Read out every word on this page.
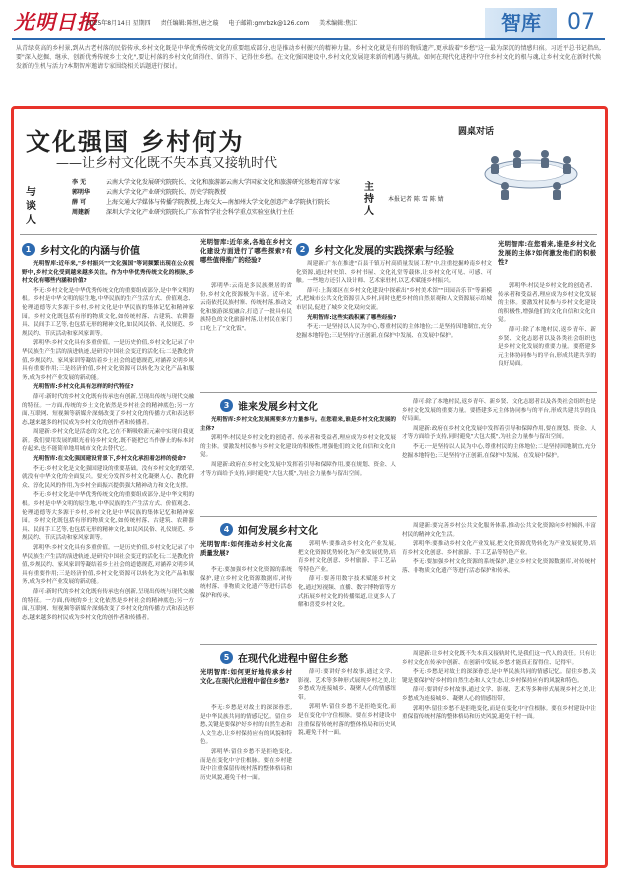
光明日报
2025年8月14日 星期四 责任编辑:陈恒,唐之璇 电子邮箱:gmrbzk@126.com 美术编辑:焦江	智库	07
从青绿莫高的乡村景,到从古老村落的民俗传承,乡村文化既是中华优秀传统文化的重要组成部分,也是推动乡村振兴的精神力量。乡村文化就是有形的物质遗产,更承载着"乡愁"这一最为深沉的情感归宿。习近平总书记指出,要"深入挖掘、继承、创新优秀传统乡土文化",要让村落的乡村文化留得住、留得下、记得住乡愁。在文化强国建设中,乡村文化发展迎来新的机遇与挑战。如何在现代化进程中守住乡村文化的根与魂,让乡村文化在新时代焕发新的生机与活力?本期智库邀请专家围绕相关话题进行探讨。
文化强国 乡村何为
——让乡村文化既不失本真又接轨时代
圆桌对话
与谈人
李 无	云南大学文化发展研究院院长、文化和旅游部云南大学国家文化和旅游研究基地首席专家
郭明华	云南大学文化产业研究院院长、历史学院教授
薛 可	上海交通大学媒体与传播学院教授,上海交大—南加州大学文化创意产业学院执行院长
周建新	深圳大学文化产业研究院院长,广东省哲学社会科学重点实验室执行主任
主持人
本报记者 陈 雪 陈 婧
1 乡村文化的内涵与价值

光明智库:近年来,"乡村振兴""文化强国"等词频繁出现在公众视野中,乡村文化受到越来越多关注。作为中华优秀传统文化的根脉,乡村文化有哪些内涵和价值?

李无:乡村文化是中华优秀传统文化的重要组成部分,是中华文明的根。乡村是中华文明的原生地,中华民族的生产生活方式、价值观念、伦理道德等大多源于乡村,乡村文化是中华民族的集体记忆和精神家园。乡村文化既包括有形的物质文化,如传统村落、古建筑、农耕器具、民间手工艺等,也包括无形的精神文化,如民风民俗、礼仪规范、乡规民约、节庆活动和家风家训等。

郭明华:乡村文化具有多重价值。一是历史价值,乡村文化记录了中华民族生产生活的演进轨迹,是研究中国社会变迁的活化石;二是教化价值,乡规民约、家风家训等凝结着乡土社会的道德规范,对涵养文明乡风具有重要作用;三是经济价值,乡村文化资源可以转化为文化产品和服务,成为乡村产业发展的新动能。

光明智库:乡村文化具有怎样的时代特征?

薛可:新时代的乡村文化既有传承也有创新,呈现出传统与现代交融的特征。一方面,传统的乡土文化依然是乡村社会的精神底色;另一方面,互联网、短视频等新媒介深刻改变了乡村文化的传播方式和表达形态,越来越多的村民成为乡村文化的创作者和传播者。

周建新:乡村文化是活态的文化,它在不断吸收新元素中实现自我更新。我们要用发展的眼光看待乡村文化,既不能把它当作静止的标本封存起来,也不能简单地用城市文化去替代它。

光明智库:在文化强国建设背景下,乡村文化承担着怎样的使命?

李无:乡村文化是文化强国建设的重要基础。没有乡村文化的繁荣,就没有中华文化的全面复兴。要充分发挥乡村文化凝聚人心、教化群众、淳化民风的作用,为乡村全面振兴提供强大精神动力和文化支撑。

李无:乡村文化是中华优秀传统文化的重要组成部分,是中华文明的根。乡村是中华文明的原生地,中华民族的生产生活方式、价值观念、伦理道德等大多源于乡村,乡村文化是中华民族的集体记忆和精神家园。乡村文化既包括有形的物质文化,如传统村落、古建筑、农耕器具、民间手工艺等,也包括无形的精神文化,如民风民俗、礼仪规范、乡规民约、节庆活动和家风家训等。

郭明华:乡村文化具有多重价值。一是历史价值,乡村文化记录了中华民族生产生活的演进轨迹,是研究中国社会变迁的活化石;二是教化价值,乡规民约、家风家训等凝结着乡土社会的道德规范,对涵养文明乡风具有重要作用;三是经济价值,乡村文化资源可以转化为文化产品和服务,成为乡村产业发展的新动能。

薛可:新时代的乡村文化既有传承也有创新,呈现出传统与现代交融的特征。一方面,传统的乡土文化依然是乡村社会的精神底色;另一方面,互联网、短视频等新媒介深刻改变了乡村文化的传播方式和表达形态,越来越多的村民成为乡村文化的创作者和传播者。

光明智库:近年来,各地在乡村文化建设方面进行了哪些探索?有哪些值得推广的经验?
2 乡村文化发展的实践探索与经验

郭明华:云南是多民族聚居的省份,乡村文化资源极为丰富。近年来,云南依托民族村寨、传统村落,推动文化和旅游深度融合,打造了一批具有民族特色的文化旅游村落,让村民在家门口吃上了"文化饭"。

周建新:广东在推进"百县千镇万村高质量发展工程"中,注重挖掘岭南乡村文化资源,通过村史馆、乡村书屋、文化礼堂等载体,让乡村文化可见、可感、可触。一些地方还引入设计师、艺术家驻村,以艺术赋能乡村振兴。

薛可:上海郊区在乡村文化建设中探索出"乡村美术馆""田园音乐节"等新模式,把城市公共文化资源引入乡村,同时也把乡村的自然景观和人文资源展示给城市居民,促进了城乡文化双向交流。

光明智库:这些实践积累了哪些经验?

李无:一是坚持以人民为中心,尊重村民的主体地位;二是坚持因地制宜,充分挖掘本地特色;三是坚持守正创新,在保护中发展、在发展中保护。

光明智库:在您看来,谁是乡村文化发展的主体?如何激发他们的积极性?

郭明华:村民是乡村文化的创造者、传承者和受益者,理应成为乡村文化发展的主体。要激发村民参与乡村文化建设的积极性,增强他们的文化自信和文化自觉。

薛可:除了本地村民,返乡青年、新乡贤、文化志愿者以及各类社会组织也是乡村文化发展的重要力量。要搭建多元主体协同参与的平台,形成共建共享的良好局面。

3 谁来发展乡村文化

光明智库:乡村文化发展需要多方力量参与。在您看来,谁是乡村文化发展的主体?

郭明华:村民是乡村文化的创造者、传承者和受益者,理应成为乡村文化发展的主体。要激发村民参与乡村文化建设的积极性,增强他们的文化自信和文化自觉。

周建新:政府在乡村文化发展中发挥着引导和保障作用,要在规划、资金、人才等方面给予支持,同时避免"大包大揽",为社会力量参与留出空间。

薛可:除了本地村民,返乡青年、新乡贤、文化志愿者以及各类社会组织也是乡村文化发展的重要力量。要搭建多元主体协同参与的平台,形成共建共享的良好局面。

周建新:政府在乡村文化发展中发挥着引导和保障作用,要在规划、资金、人才等方面给予支持,同时避免"大包大揽",为社会力量参与留出空间。

李无:一是坚持以人民为中心,尊重村民的主体地位;二是坚持因地制宜,充分挖掘本地特色;三是坚持守正创新,在保护中发展、在发展中保护。

4 如何发展乡村文化
光明智库:如何推动乡村文化高质量发展?

李无:要加强乡村文化资源的系统保护,建立乡村文化资源数据库,对传统村落、非物质文化遗产等进行活态保护和传承。

郭明华:要推动乡村文化产业发展,把文化资源优势转化为产业发展优势,培育乡村文化创意、乡村旅游、手工艺品等特色产业。

薛可:要善用数字技术赋能乡村文化,通过短视频、直播、数字博物馆等方式拓展乡村文化的传播渠道,让更多人了解和喜爱乡村文化。

周建新:要完善乡村公共文化服务体系,推动公共文化资源向乡村倾斜,丰富村民的精神文化生活。

郭明华:要推动乡村文化产业发展,把文化资源优势转化为产业发展优势,培育乡村文化创意、乡村旅游、手工艺品等特色产业。

李无:要加强乡村文化资源的系统保护,建立乡村文化资源数据库,对传统村落、非物质文化遗产等进行活态保护和传承。

5 在现代化进程中留住乡愁
光明智库:如何更好地传承乡村文化,在现代化进程中留住乡愁?

李无:乡愁是对故土的深深眷恋,是中华民族共同的情感记忆。留住乡愁,关键是要保护好乡村的自然生态和人文生态,让乡村保持应有的风貌和特色。

郭明华:留住乡愁不是拒绝变化,而是在变化中守住根脉。要在乡村建设中注重保留传统村落的整体格局和历史风貌,避免千村一面。

薛可:要讲好乡村故事,通过文学、影视、艺术等多种形式展现乡村之美,让乡愁成为连接城乡、凝聚人心的情感纽带。

郭明华:留住乡愁不是拒绝变化,而是在变化中守住根脉。要在乡村建设中注重保留传统村落的整体格局和历史风貌,避免千村一面。

周建新:让乡村文化既不失本真又接轨时代,是我们这一代人的责任。只有让乡村文化在传承中创新、在创新中发展,乡愁才能真正留得住、记得牢。

李无:乡愁是对故土的深深眷恋,是中华民族共同的情感记忆。留住乡愁,关键是要保护好乡村的自然生态和人文生态,让乡村保持应有的风貌和特色。

薛可:要讲好乡村故事,通过文学、影视、艺术等多种形式展现乡村之美,让乡愁成为连接城乡、凝聚人心的情感纽带。

郭明华:留住乡愁不是拒绝变化,而是在变化中守住根脉。要在乡村建设中注重保留传统村落的整体格局和历史风貌,避免千村一面。
